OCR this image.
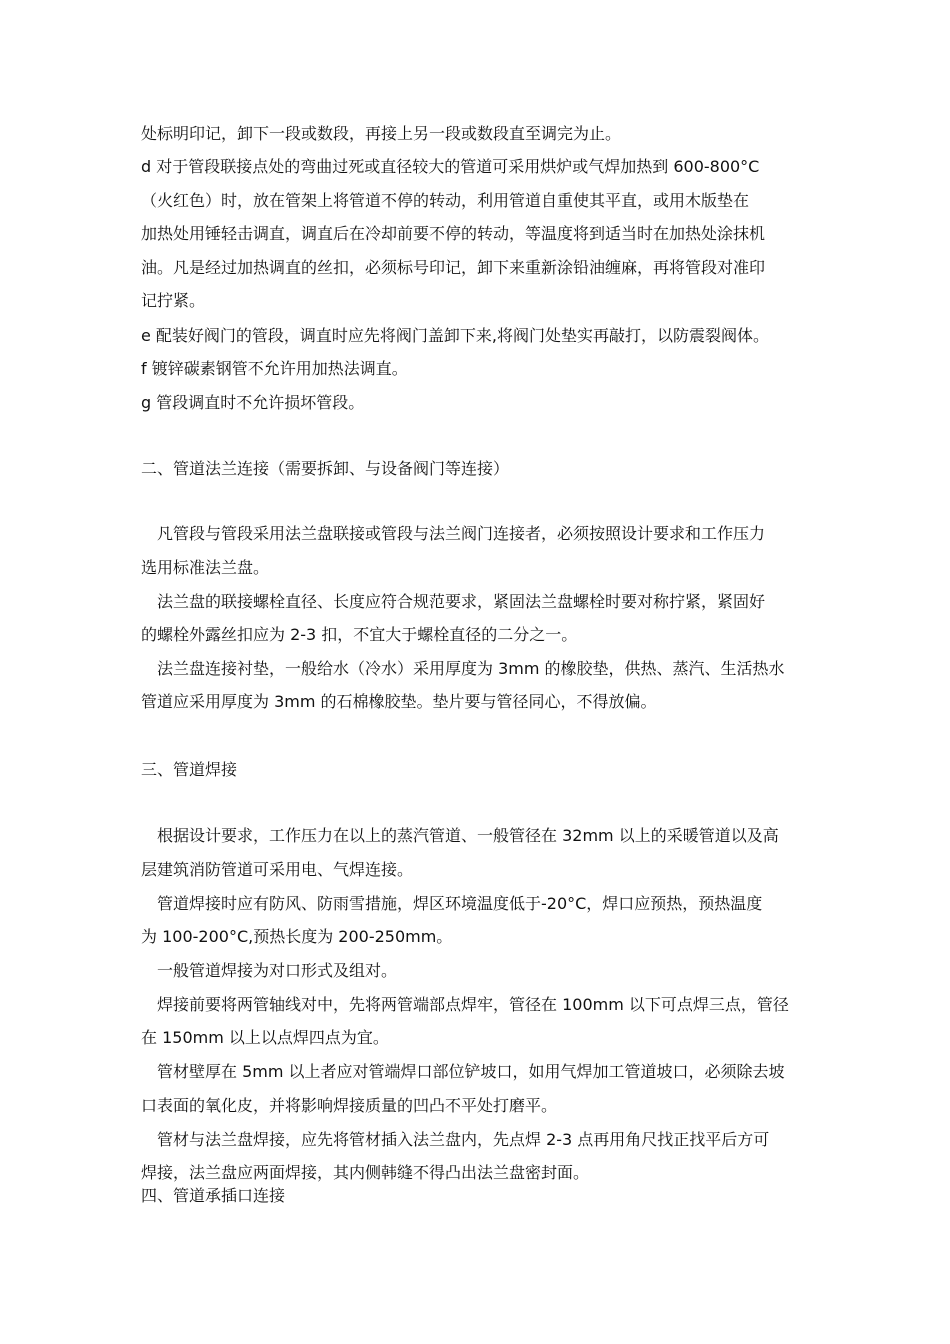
处标明印记，卸下一段或数段，再接上另一段或数段直至调完为止。
d 对于管段联接点处的弯曲过死或直径较大的管道可采用烘炉或气焊加热到 600-800°C
（火红色）时，放在管架上将管道不停的转动，利用管道自重使其平直，或用木版垫在
加热处用锤轻击调直，调直后在冷却前要不停的转动，等温度将到适当时在加热处涂抹机
油。凡是经过加热调直的丝扣，必须标号印记，卸下来重新涂铅油缠麻，再将管段对准印
记拧紧。
e 配装好阀门的管段，调直时应先将阀门盖卸下来,将阀门处垫实再敲打，以防震裂阀体。
f 镀锌碳素钢管不允许用加热法调直。
g 管段调直时不允许损坏管段。
二、管道法兰连接（需要拆卸、与设备阀门等连接）
凡管段与管段采用法兰盘联接或管段与法兰阀门连接者，必须按照设计要求和工作压力
选用标准法兰盘。
法兰盘的联接螺栓直径、长度应符合规范要求，紧固法兰盘螺栓时要对称拧紧，紧固好
的螺栓外露丝扣应为 2-3 扣，不宜大于螺栓直径的二分之一。
法兰盘连接衬垫，一般给水（冷水）采用厚度为 3mm 的橡胶垫，供热、蒸汽、生活热水
管道应采用厚度为 3mm 的石棉橡胶垫。垫片要与管径同心，不得放偏。
三、管道焊接
根据设计要求，工作压力在以上的蒸汽管道、一般管径在 32mm 以上的采暖管道以及高
层建筑消防管道可采用电、气焊连接。
管道焊接时应有防风、防雨雪措施，焊区环境温度低于-20°C，焊口应预热，预热温度
为 100-200°C,预热长度为 200-250mm。
一般管道焊接为对口形式及组对。
焊接前要将两管轴线对中，先将两管端部点焊牢，管径在 100mm 以下可点焊三点，管径
在 150mm 以上以点焊四点为宜。
管材壁厚在 5mm 以上者应对管端焊口部位铲坡口，如用气焊加工管道坡口，必须除去坡
口表面的氧化皮，并将影响焊接质量的凹凸不平处打磨平。
管材与法兰盘焊接，应先将管材插入法兰盘内，先点焊 2-3 点再用角尺找正找平后方可
焊接，法兰盘应两面焊接，其内侧韩缝不得凸出法兰盘密封面。
四、管道承插口连接
